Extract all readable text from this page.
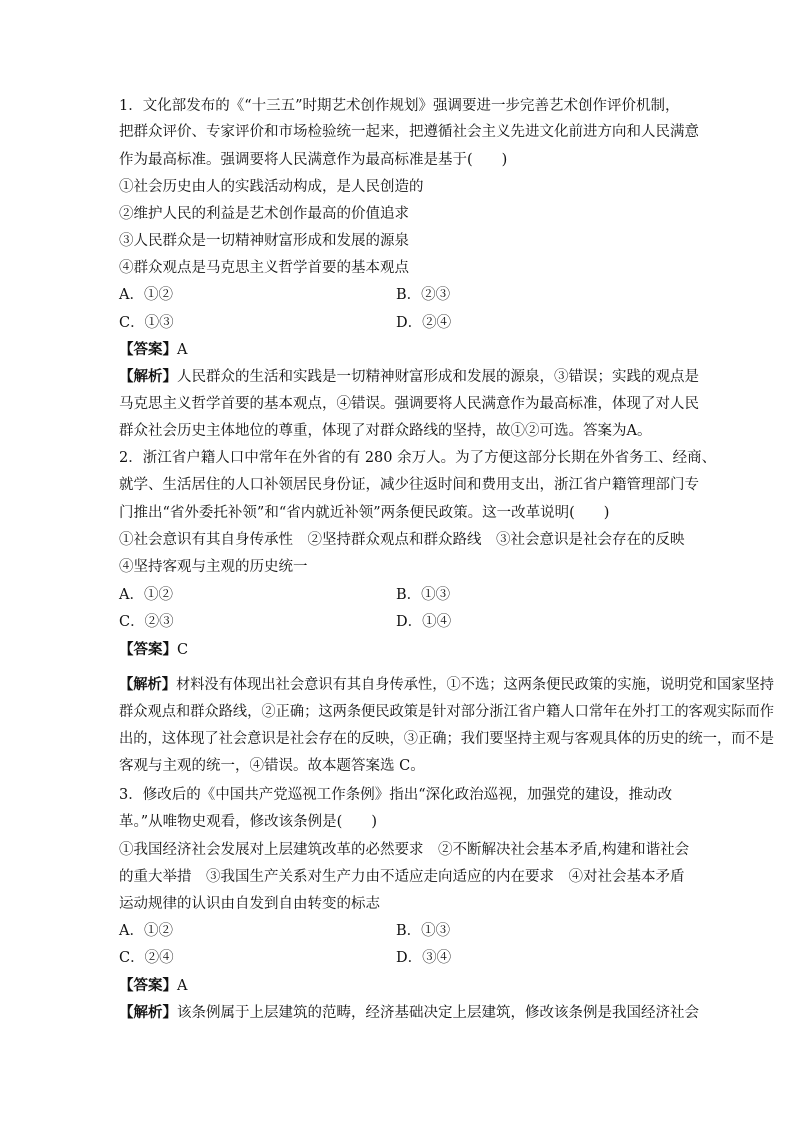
1．文化部发布的《“十三五”时期艺术创作规划》强调要进一步完善艺术创作评价机制，
把群众评价、专家评价和市场检验统一起来，把遵循社会主义先进文化前进方向和人民满意
作为最高标准。强调要将人民满意作为最高标准是基于(　　)
①社会历史由人的实践活动构成，是人民创造的
②维护人民的利益是艺术创作最高的价值追求
③人民群众是一切精神财富形成和发展的源泉
④群众观点是马克思主义哲学首要的基本观点
A．①②	B．②③
C．①③	D．②④
【答案】A
【解析】人民群众的生活和实践是一切精神财富形成和发展的源泉，③错误；实践的观点是
马克思主义哲学首要的基本观点，④错误。强调要将人民满意作为最高标准，体现了对人民
群众社会历史主体地位的尊重，体现了对群众路线的坚持，故①②可选。答案为A。
2．浙江省户籍人口中常年在外省的有 280 余万人。为了方便这部分长期在外省务工、经商、
就学、生活居住的人口补领居民身份证，减少往返时间和费用支出，浙江省户籍管理部门专
门推出“省外委托补领”和“省内就近补领”两条便民政策。这一改革说明(　　)
①社会意识有其自身传承性　②坚持群众观点和群众路线　③社会意识是社会存在的反映
④坚持客观与主观的历史统一
A．①②	B．①③
C．②③	D．①④
【答案】C
【解析】材料没有体现出社会意识有其自身传承性，①不选；这两条便民政策的实施，说明党和国家坚持
群众观点和群众路线，②正确；这两条便民政策是针对部分浙江省户籍人口常年在外打工的客观实际而作
出的，这体现了社会意识是社会存在的反映，③正确；我们要坚持主观与客观具体的历史的统一，而不是
客观与主观的统一，④错误。故本题答案选 C。
3．修改后的《中国共产党巡视工作条例》指出“深化政治巡视，加强党的建设，推动改
革。”从唯物史观看，修改该条例是(　　)
①我国经济社会发展对上层建筑改革的必然要求　②不断解决社会基本矛盾,构建和谐社会
的重大举措　③我国生产关系对生产力由不适应走向适应的内在要求　④对社会基本矛盾
运动规律的认识由自发到自由转变的标志
A．①②	B．①③
C．②④	D．③④
【答案】A
【解析】该条例属于上层建筑的范畴，经济基础决定上层建筑，修改该条例是我国经济社会
